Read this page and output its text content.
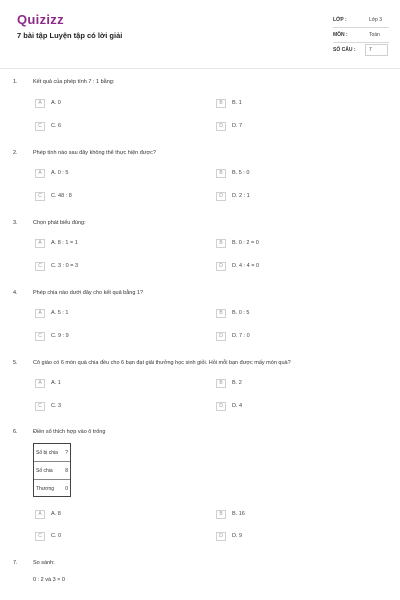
Quizizz
7 bài tập Luyện tập có lời giải
LỚP :	Lớp 3
MÔN :	Toán
SỐ CÂU :	7
1.	Kết quả của phép tính 7 : 1 bằng:
A	A. 0	B	B. 1
C	C. 6	D	D. 7
2.	Phép tính nào sau đây không thể thực hiện được?
A	A. 0 : 5	B	B. 5 : 0
C	C. 48 : 8	D	D. 2 : 1
3.	Chọn phát biểu đúng:
A	A. 8 : 1 = 1	B	B. 0 : 2 = 0
C	C. 3 : 0 = 3	D	D. 4 : 4 = 0
4.	Phép chia nào dưới đây cho kết quả bằng 1?
A	A. 5 : 1	B	B. 0 : 5
C	C. 9 : 9	D	D. 7 : 0
5.	Cô giáo có 6 món quà chia đều cho 6 bạn đạt giải thưởng học sinh giỏi. Hỏi mỗi bạn được mấy món quà?
A	A. 1	B	B. 2
C	C. 3	D	D. 4
6.	Điền số thích hợp vào ô trống
Số bị chia ?
Số chia	8
Thương 0
A	A. 8	B	B. 16
C	C. 0	D	D. 9
7.	So sánh:
0 : 2 và 3 × 0
